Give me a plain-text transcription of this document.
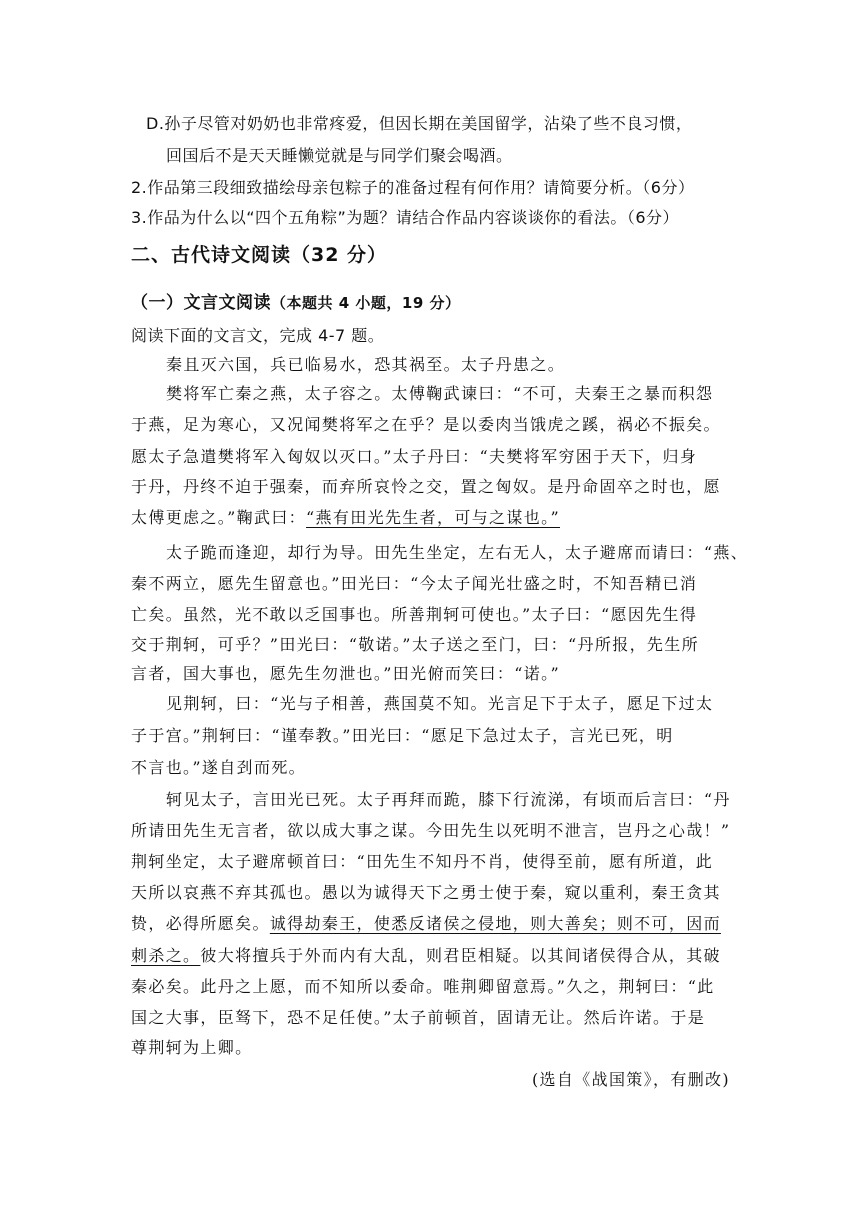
D.孙子尽管对奶奶也非常疼爱，但因长期在美国留学，沾染了些不良习惯，
回国后不是天天睡懒觉就是与同学们聚会喝酒。
2.作品第三段细致描绘母亲包粽子的准备过程有何作用？请简要分析。（6分）
3.作品为什么以“四个五角粽”为题？请结合作品内容谈谈你的看法。（6分）
二、古代诗文阅读（32 分）
（一）文言文阅读（本题共 4 小题，19 分）
阅读下面的文言文，完成 4-7 题。
秦且灭六国，兵已临易水，恐其祸至。太子丹患之。
樊将军亡秦之燕，太子容之。太傅鞠武谏曰：“不可，夫秦王之暴而积怨
于燕，足为寒心，又况闻樊将军之在乎？是以委肉当饿虎之蹊，祸必不振矣。
愿太子急遣樊将军入匈奴以灭口。”太子丹曰：“夫樊将军穷困于天下，归身
于丹，丹终不迫于强秦，而弃所哀怜之交，置之匈奴。是丹命固卒之时也，愿
太傅更虑之。”鞠武曰：“燕有田光先生者，可与之谋也。”
太子跪而逢迎，却行为导。田先生坐定，左右无人，太子避席而请曰：“燕、
秦不两立，愿先生留意也。”田光曰：“今太子闻光壮盛之时，不知吾精已消
亡矣。虽然，光不敢以乏国事也。所善荆轲可使也。”太子曰：“愿因先生得
交于荆轲，可乎？”田光曰：“敬诺。”太子送之至门，曰：“丹所报，先生所
言者，国大事也，愿先生勿泄也。”田光俯而笑曰：“诺。”
见荆轲，曰：“光与子相善，燕国莫不知。光言足下于太子，愿足下过太
子于宫。”荆轲曰：“谨奉教。”田光曰：“愿足下急过太子，言光已死，明
不言也。”遂自刭而死。
轲见太子，言田光已死。太子再拜而跪，膝下行流涕，有顷而后言曰：“丹
所请田先生无言者，欲以成大事之谋。今田先生以死明不泄言，岂丹之心哉！”
荆轲坐定，太子避席顿首曰：“田先生不知丹不肖，使得至前，愿有所道，此
天所以哀燕不弃其孤也。愚以为诚得天下之勇士使于秦，窥以重利，秦王贪其
贽，必得所愿矣。诚得劫秦王，使悉反诸侯之侵地，则大善矣；则不可，因而
刺杀之。彼大将擅兵于外而内有大乱，则君臣相疑。以其间诸侯得合从，其破
秦必矣。此丹之上愿，而不知所以委命。唯荆卿留意焉。”久之，荆轲曰：“此
国之大事，臣驽下，恐不足任使。”太子前顿首，固请无让。然后许诺。于是
尊荆轲为上卿。
(选自《战国策》，有删改)
